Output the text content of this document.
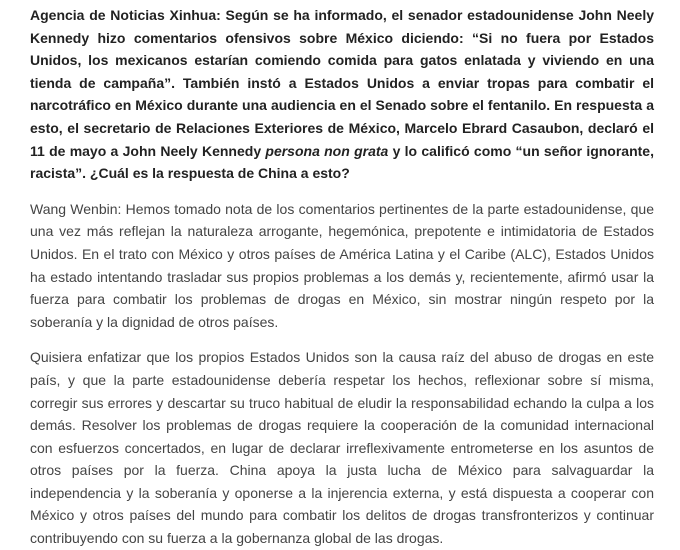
Agencia de Noticias Xinhua: Según se ha informado, el senador estadounidense John Neely Kennedy hizo comentarios ofensivos sobre México diciendo: “Si no fuera por Estados Unidos, los mexicanos estarían comiendo comida para gatos enlatada y viviendo en una tienda de campaña”. También instó a Estados Unidos a enviar tropas para combatir el narcotráfico en México durante una audiencia en el Senado sobre el fentanilo. En respuesta a esto, el secretario de Relaciones Exteriores de México, Marcelo Ebrard Casaubon, declaró el 11 de mayo a John Neely Kennedy persona non grata y lo calificó como “un señor ignorante, racista”. ¿Cuál es la respuesta de China a esto?

Wang Wenbin: Hemos tomado nota de los comentarios pertinentes de la parte estadounidense, que una vez más reflejan la naturaleza arrogante, hegemónica, prepotente e intimidatoria de Estados Unidos. En el trato con México y otros países de América Latina y el Caribe (ALC), Estados Unidos ha estado intentando trasladar sus propios problemas a los demás y, recientemente, afirmó usar la fuerza para combatir los problemas de drogas en México, sin mostrar ningún respeto por la soberanía y la dignidad de otros países.

Quisiera enfatizar que los propios Estados Unidos son la causa raíz del abuso de drogas en este país, y que la parte estadounidense debería respetar los hechos, reflexionar sobre sí misma, corregir sus errores y descartar su truco habitual de eludir la responsabilidad echando la culpa a los demás. Resolver los problemas de drogas requiere la cooperación de la comunidad internacional con esfuerzos concertados, en lugar de declarar irreflexivamente entrometerse en los asuntos de otros países por la fuerza. China apoya la justa lucha de México para salvaguardar la independencia y la soberanía y oponerse a la injerencia externa, y está dispuesta a cooperar con México y otros países del mundo para combatir los delitos de drogas transfronterizos y continuar contribuyendo con su fuerza a la gobernanza global de las drogas.
